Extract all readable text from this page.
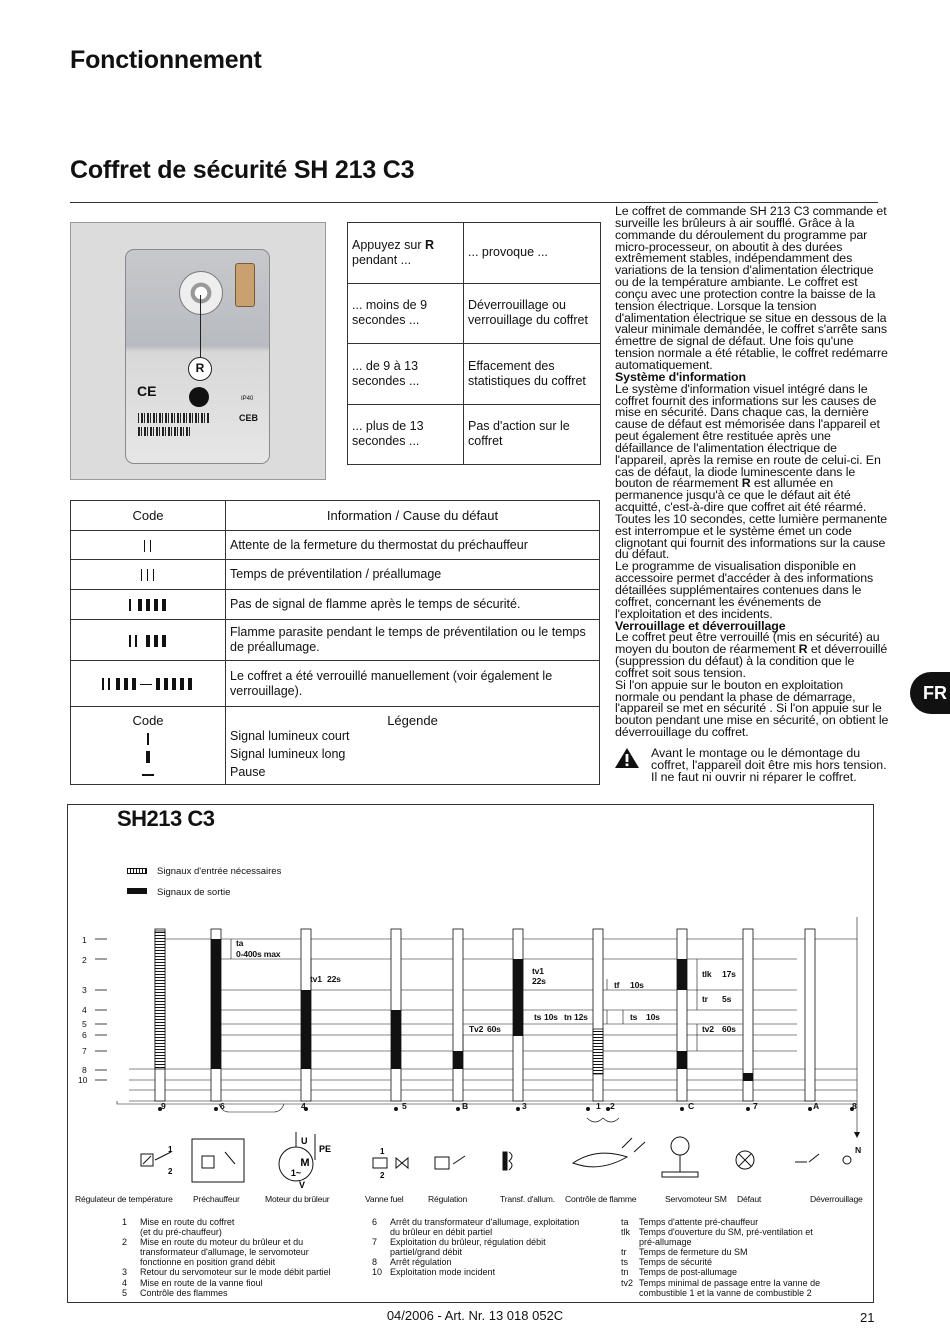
Fonctionnement
Coffret de sécurité SH 213 C3
R
CE	IP40
CEB
Appuyez sur R pendant ...	... provoque ...
... moins de 9 secondes ...	Déverrouillage ou verrouillage du coffret
... de 9 à 13 secondes ...	Effacement des statistiques du coffret
... plus de 13 secondes ...	Pas d'action sur le coffret
Code	Information / Cause du défaut

	Attente de la fermeture du thermostat du préchauffeur

	Temps de préventilation / préallumage

	Pas de signal de flamme après le temps de sécurité.

	Flamme parasite pendant le temps de préventilation ou le temps de préallumage.

	Le coffret a été verrouillé manuellement (voir également le verrouillage).

Code	Légende
Signal lumineux court
Signal lumineux long
Pause
Le coffret de commande SH 213 C3 commande et surveille les brûleurs à air soufflé. Grâce à la commande du déroulement du programme par micro-processeur, on aboutit à des durées extrêmement stables, indépendamment des variations de la tension d'alimentation électrique ou de la température ambiante. Le coffret est conçu avec une protection contre la baisse de la tension électrique. Lorsque la tension d'alimentation électrique se situe en dessous de la valeur minimale demandée, le coffret s'arrête sans émettre de signal de défaut. Une fois qu'une tension normale a été rétablie, le coffret redémarre automatiquement.
Système d'information
Le système d'information visuel intégré dans le coffret fournit des informations sur les causes de mise en sécurité. Dans chaque cas, la dernière cause de défaut est mémorisée dans l'appareil et peut également être restituée après une défaillance de l'alimentation électrique de l'appareil, après la remise en route de celui-ci. En cas de défaut, la diode luminescente dans le bouton de réarmement R est allumée en permanence jusqu'à ce que le défaut ait été acquitté, c'est-à-dire que coffret ait été réarmé. Toutes les 10 secondes, cette lumière permanente est interrompue et le système émet un code clignotant qui fournit des informations sur la cause du défaut.
Le programme de visualisation disponible en accessoire permet d'accéder à des informations détaillées supplémentaires contenues dans le coffret, concernant les événements de l'exploitation et des incidents.
Verrouillage et déverrouillage
Le coffret peut être verrouillé (mis en sécurité) au moyen du bouton de réarmement R et déverrouillé (suppression du défaut) à la condition que le coffret soit sous tension.
Si l'on appuie sur le bouton en exploitation normale ou pendant la phase de démarrage, l'appareil se met en sécurité . Si l'on appuie sur le bouton pendant une mise en sécurité, on obtient le déverrouillage du coffret.
Avant le montage ou le démontage du coffret, l'appareil doit être mis hors tension. Il ne faut ni ouvrir ni réparer le coffret.
FR
SH213 C3
Signaux d'entrée nécessaires
Signaux de sortie
1
2
3
4
5
6
7
8
10
ta
0-400s max
tv1 22s
tv1
22s	tf 10s
tlk 17s
tr 5s
ts 10s tn 12s	ts 10s
Tv2 60s	tv2 60s
9	6	4	5	B	3	1 2	C	7	A	8
N
M
1~
U
PE
V
1
2
1
2
Régulateur de température Préchauffeur	Moteur du brûleur	Vanne fuel	Régulation	Transf. d'allum. Contrôle de flamme	Servomoteur SM Défaut	Déverrouillage
1	Mise en route du coffret
(et du pré-chauffeur)
2	Mise en route du moteur du brûleur et du
transformateur d'allumage, le servomoteur
fonctionne en position grand débit
3	Retour du servomoteur sur le mode débit partiel
4	Mise en route de la vanne fioul
5	Contrôle des flammes
6	Arrêt du transformateur d'allumage, exploitation
du brûleur en débit partiel
7	Exploitation du brûleur, régulation débit
partiel/grand débit
8	Arrêt régulation
10 Exploitation mode incident
ta	Temps d'attente pré-chauffeur
tlk	Temps d'ouverture du SM, pré-ventilation et
pré-allumage
tr	Temps de fermeture du SM
ts	Temps de sécurité
tn	Temps de post-allumage
tv2 Temps minimal de passage entre la vanne de
combustible 1 et la vanne de combustible 2
04/2006 - Art. Nr. 13 018 052C	21
